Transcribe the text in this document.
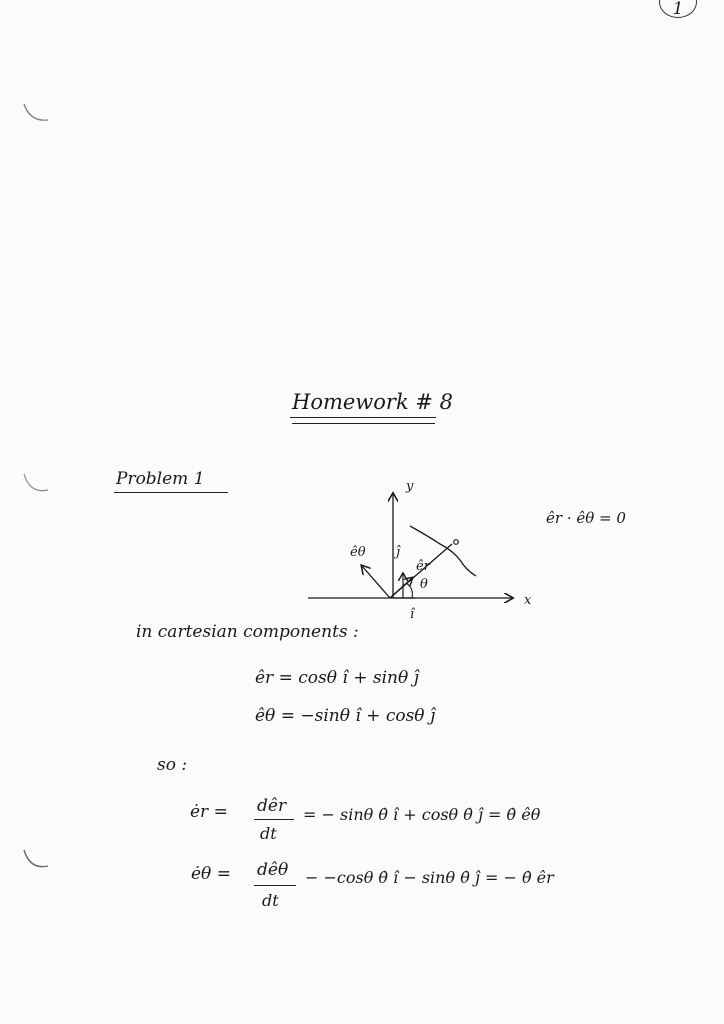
1
Homework # 8
Problem 1	y
x
êθ ĵ
êr
θ
î
êr · êθ = 0
in cartesian components :
êr = cosθ î + sinθ ĵ
êθ = −sinθ î + cosθ ĵ
so :
ėr = dêr
dt
= − sinθ θ̇ î + cosθ θ̇ ĵ = θ̇ êθ
ėθ = dêθ
dt
− −cosθ θ̇ î − sinθ θ̇ ĵ = − θ̇ êr
